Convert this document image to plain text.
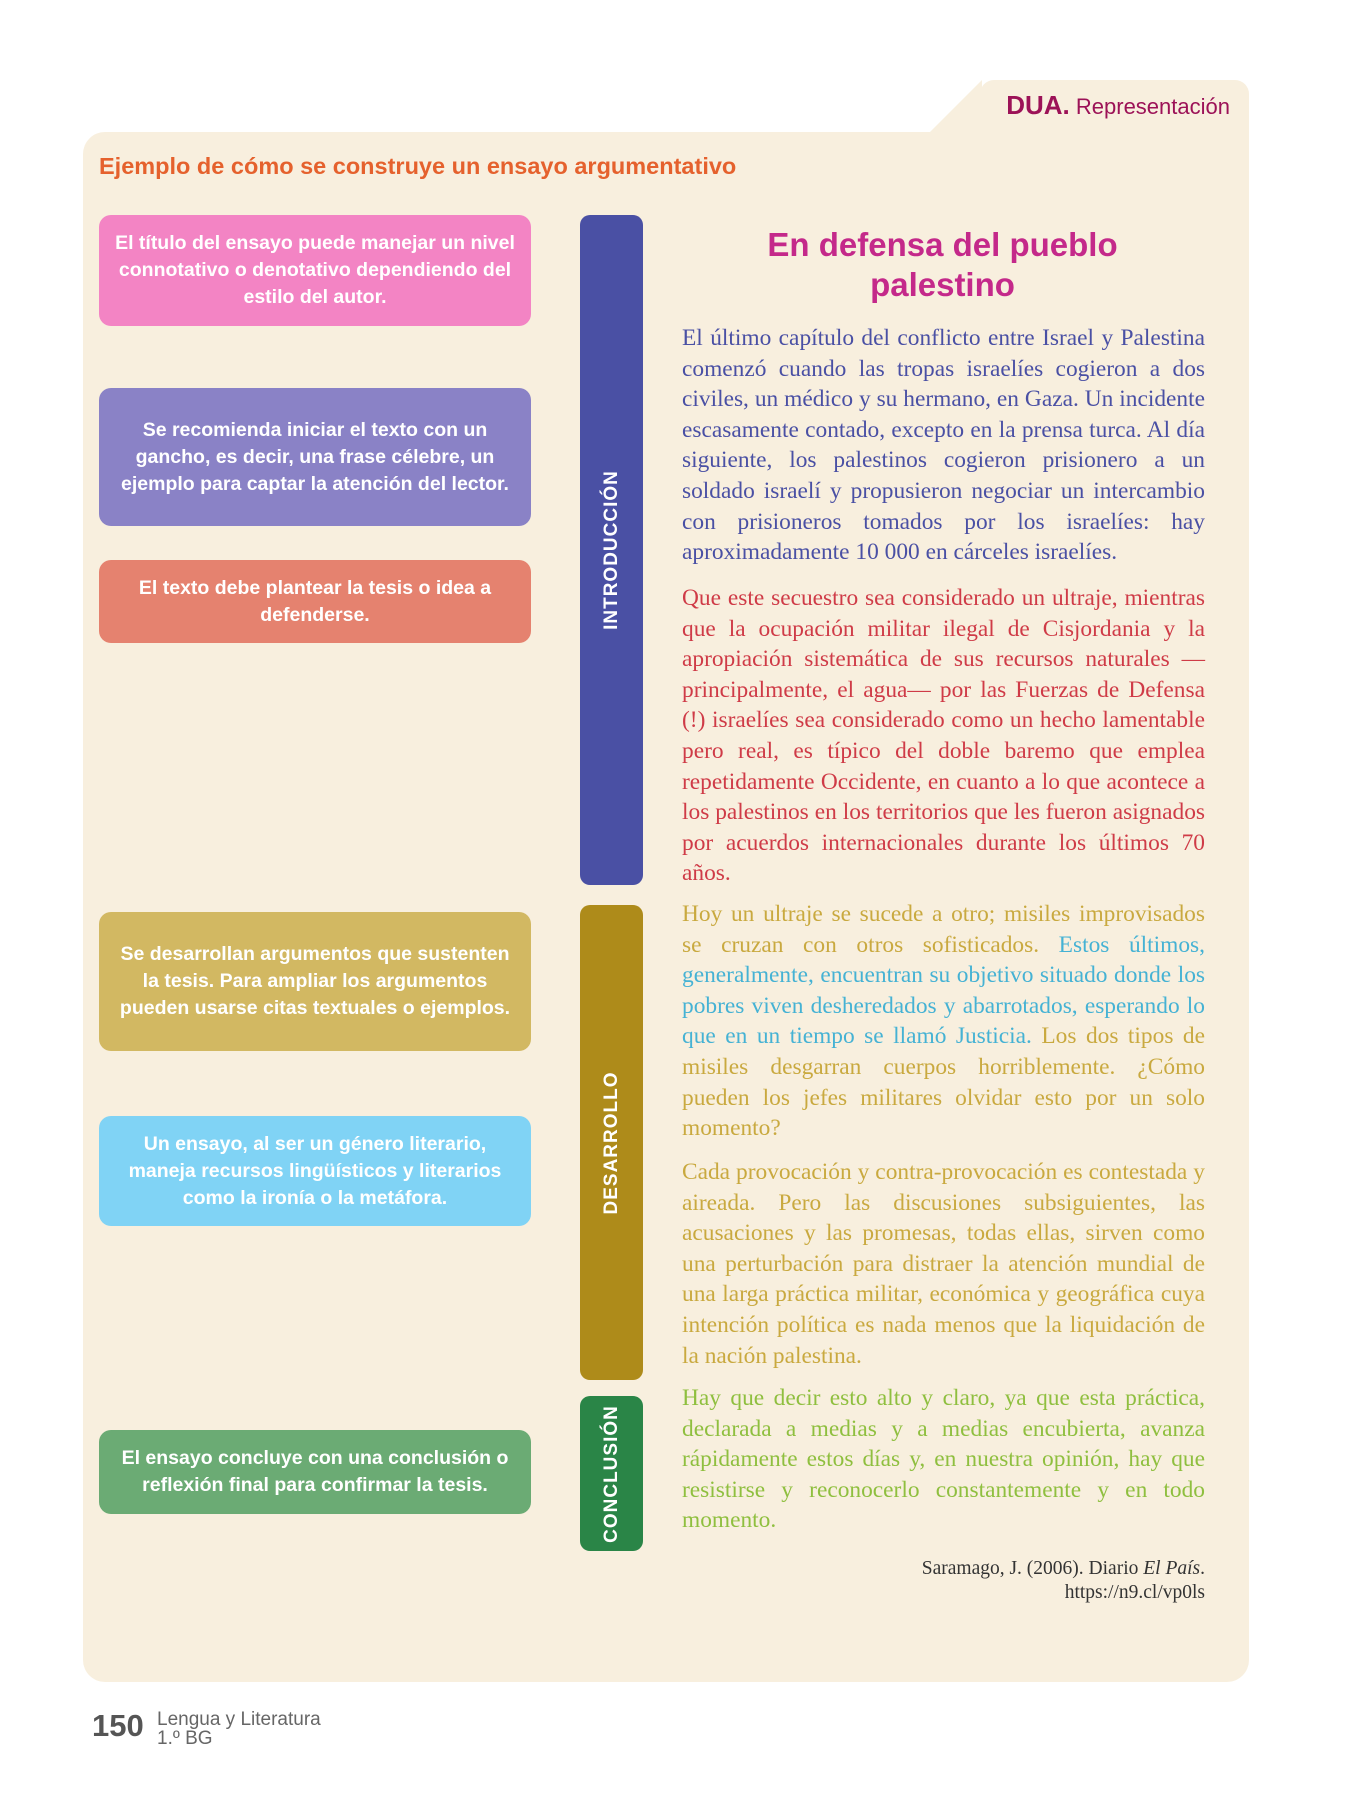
DUA. Representación
Ejemplo de cómo se construye un ensayo argumentativo
El título del ensayo puede manejar un nivel connotativo o denotativo dependiendo del estilo del autor.
Se recomienda iniciar el texto con un gancho, es decir, una frase célebre, un ejemplo para captar la atención del lector.
El texto debe plantear la tesis o idea a defenderse.
Se desarrollan argumentos que sustenten la tesis. Para ampliar los argumentos pueden usarse citas textuales o ejemplos.
Un ensayo, al ser un género literario, maneja recursos lingüísticos y literarios como la ironía o la metáfora.
El ensayo concluye con una conclusión o reflexión final para confirmar la tesis.
INTRODUCCIÓN
DESARROLLO
CONCLUSIÓN
En defensa del pueblo palestino
El último capítulo del conflicto entre Israel y Palestina comenzó cuando las tropas israelíes cogieron a dos civiles, un médico y su hermano, en Gaza. Un incidente escasamente contado, excepto en la prensa turca. Al día siguiente, los palestinos cogieron prisionero a un soldado israelí y propusieron negociar un intercambio con prisioneros tomados por los israelíes: hay aproximadamente 10 000 en cárceles israelíes.
Que este secuestro sea considerado un ultraje, mientras que la ocupación militar ilegal de Cisjordania y la apropiación sistemática de sus recursos naturales —principalmente, el agua— por las Fuerzas de Defensa (!) israelíes sea considerado como un hecho lamentable pero real, es típico del doble baremo que emplea repetidamente Occidente, en cuanto a lo que acontece a los palestinos en los territorios que les fueron asignados por acuerdos internacionales durante los últimos 70 años.
Hoy un ultraje se sucede a otro; misiles improvisados se cruzan con otros sofisticados. Estos últimos, generalmente, encuentran su objetivo situado donde los pobres viven desheredados y abarrotados, esperando lo que en un tiempo se llamó Justicia. Los dos tipos de misiles desgarran cuerpos horriblemente. ¿Cómo pueden los jefes militares olvidar esto por un solo momento?
Cada provocación y contra-provocación es contestada y aireada. Pero las discusiones subsiguientes, las acusaciones y las promesas, todas ellas, sirven como una perturbación para distraer la atención mundial de una larga práctica militar, económica y geográfica cuya intención política es nada menos que la liquidación de la nación palestina.
Hay que decir esto alto y claro, ya que esta práctica, declarada a medias y a medias encubierta, avanza rápidamente estos días y, en nuestra opinión, hay que resistirse y reconocerlo constantemente y en todo momento.
Saramago, J. (2006). Diario El País.
https://n9.cl/vp0ls
150 Lengua y Literatura
1.º BG
